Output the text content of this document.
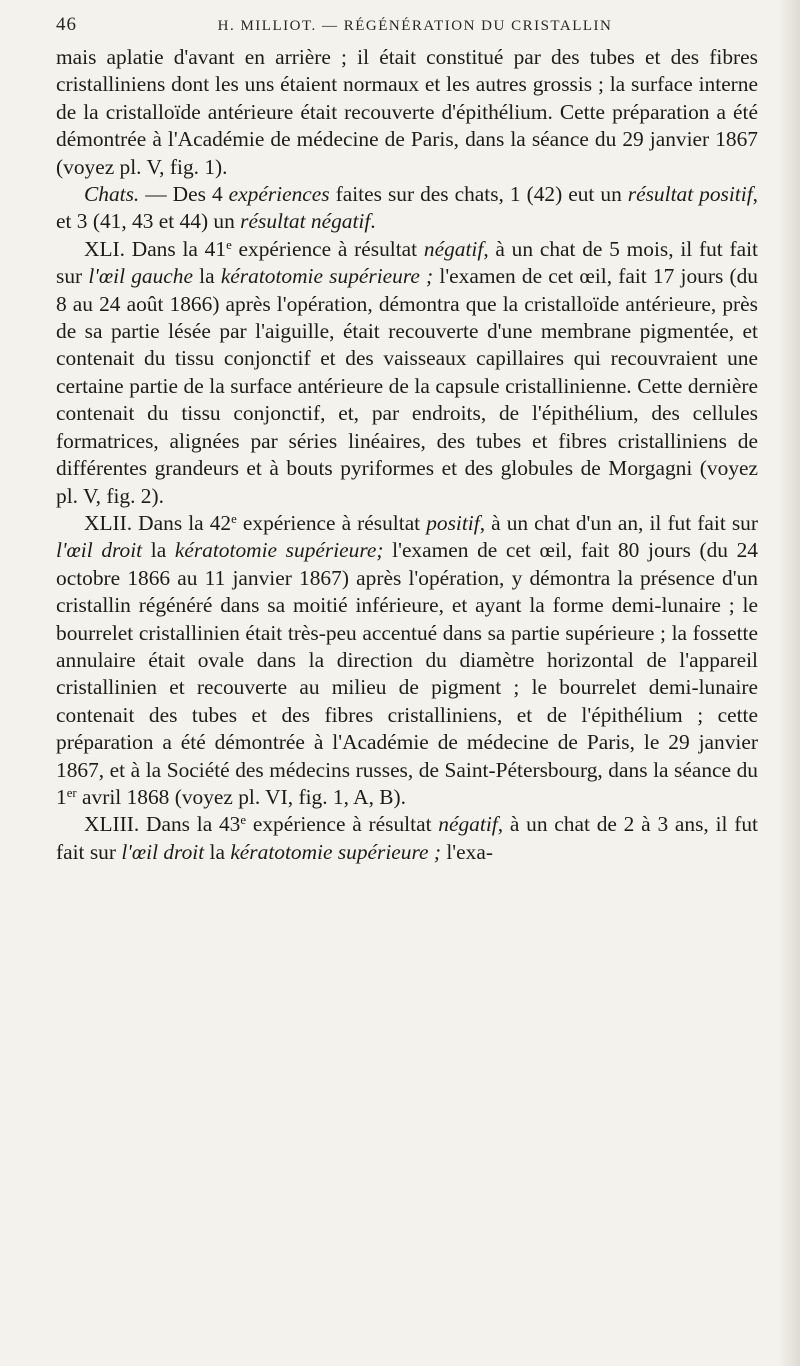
46	H. MILLIOT. — RÉGÉNÉRATION DU CRISTALLIN

mais aplatie d'avant en arrière ; il était constitué par des tubes et des fibres cristalliniens dont les uns étaient normaux et les autres grossis ; la surface interne de la cristalloïde antérieure était recouverte d'épithélium. Cette préparation a été démontrée à l'Académie de médecine de Paris, dans la séance du 29 janvier 1867 (voyez pl. V, fig. 1).

Chats. — Des 4 expériences faites sur des chats, 1 (42) eut un résultat positif, et 3 (41, 43 et 44) un résultat négatif.

XLI. Dans la 41e expérience à résultat négatif, à un chat de 5 mois, il fut fait sur l'œil gauche la kératotomie supérieure ; l'examen de cet œil, fait 17 jours (du 8 au 24 août 1866) après l'opération, démontra que la cristalloïde antérieure, près de sa partie lésée par l'aiguille, était recouverte d'une membrane pigmentée, et contenait du tissu conjonctif et des vaisseaux capillaires qui recouvraient une certaine partie de la surface antérieure de la capsule cristallinienne. Cette dernière contenait du tissu conjonctif, et, par endroits, de l'épithélium, des cellules formatrices, alignées par séries linéaires, des tubes et fibres cristalliniens de différentes grandeurs et à bouts pyriformes et des globules de Morgagni (voyez pl. V, fig. 2).

XLII. Dans la 42e expérience à résultat positif, à un chat d'un an, il fut fait sur l'œil droit la kératotomie supérieure; l'examen de cet œil, fait 80 jours (du 24 octobre 1866 au 11 janvier 1867) après l'opération, y démontra la présence d'un cristallin régénéré dans sa moitié inférieure, et ayant la forme demi-lunaire ; le bourrelet cristallinien était très-peu accentué dans sa partie supérieure ; la fossette annulaire était ovale dans la direction du diamètre horizontal de l'appareil cristallinien et recouverte au milieu de pigment ; le bourrelet demi-lunaire contenait des tubes et des fibres cristalliniens, et de l'épithélium ; cette préparation a été démontrée à l'Académie de médecine de Paris, le 29 janvier 1867, et à la Société des médecins russes, de Saint-Pétersbourg, dans la séance du 1er avril 1868 (voyez pl. VI, fig. 1, A, B).

XLIII. Dans la 43e expérience à résultat négatif, à un chat de 2 à 3 ans, il fut fait sur l'œil droit la kératotomie supérieure ; l'exa-
